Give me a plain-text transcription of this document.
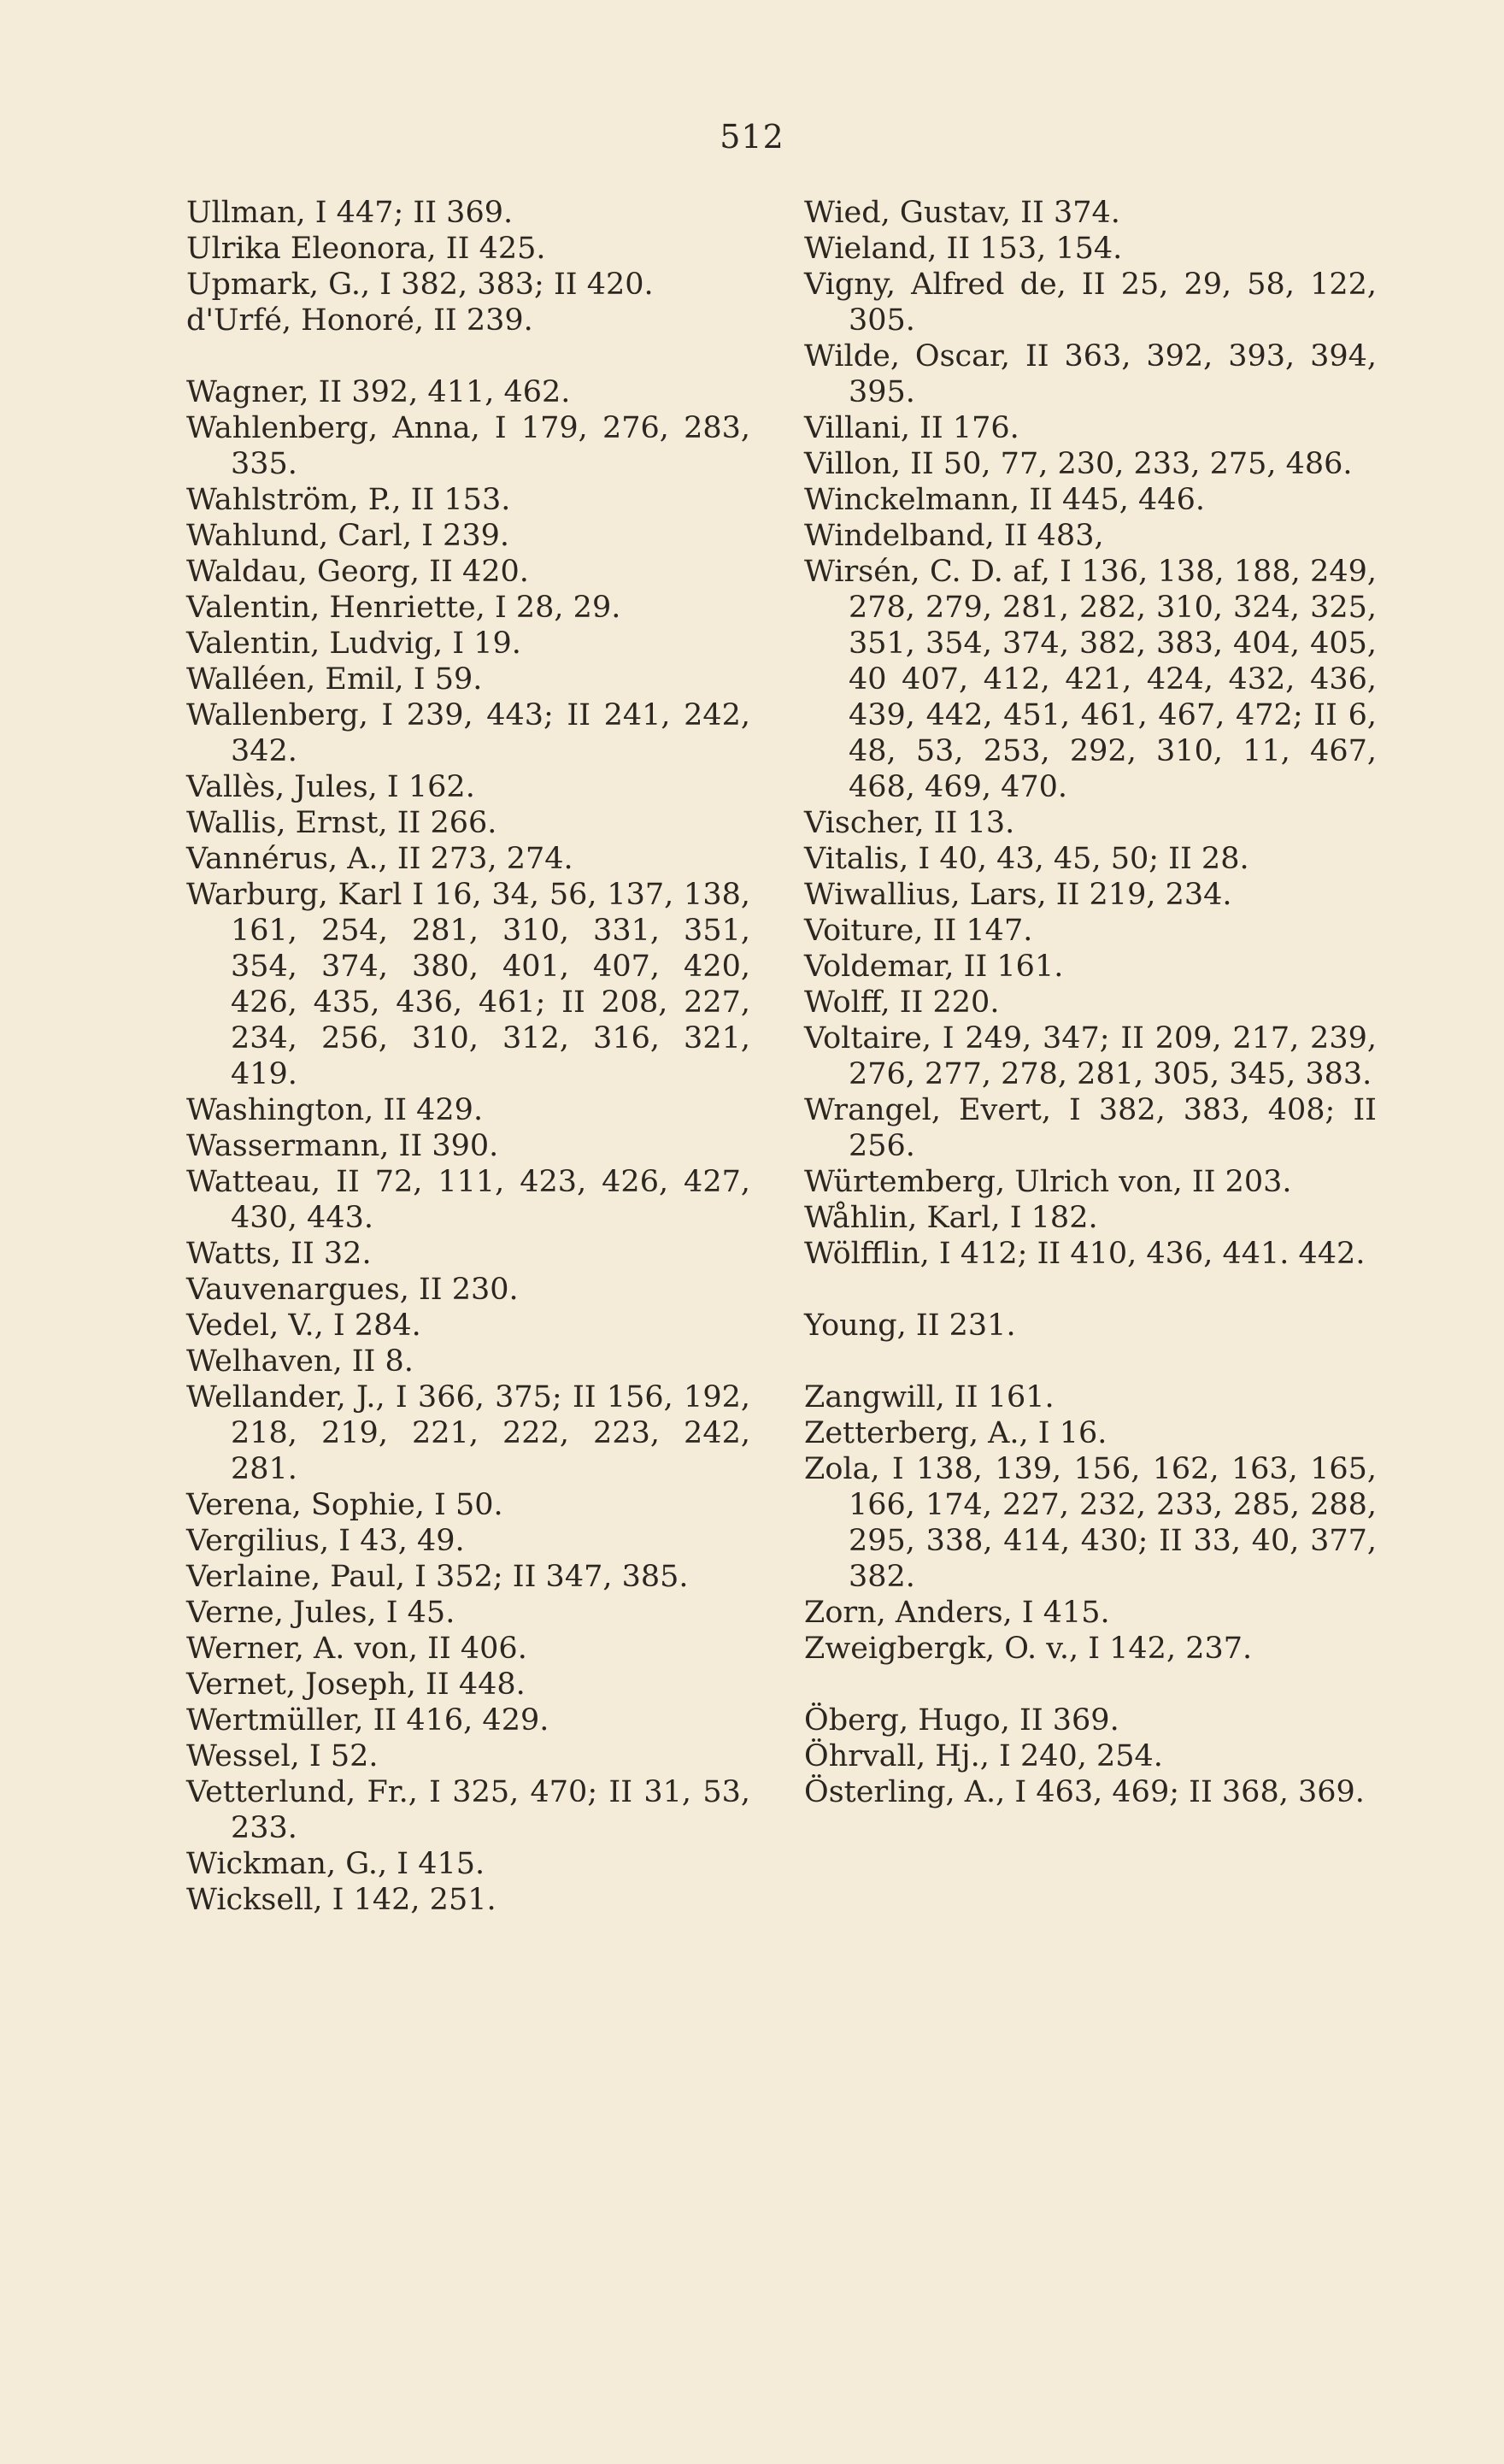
512
Ullman, I 447; II 369.
Ulrika Eleonora, II 425.
Upmark, G., I 382, 383; II 420.
d'Urfé, Honoré, II 239.
Wagner, II 392, 411, 462.
Wahlenberg, Anna, I 179, 276, 283, 335.
Wahlström, P., II 153.
Wahlund, Carl, I 239.
Waldau, Georg, II 420.
Valentin, Henriette, I 28, 29.
Valentin, Ludvig, I 19.
Walléen, Emil, I 59.
Wallenberg, I 239, 443; II 241, 242, 342.
Vallès, Jules, I 162.
Wallis, Ernst, II 266.
Vannérus, A., II 273, 274.
Warburg, Karl I 16, 34, 56, 137, 138, 161, 254, 281, 310, 331, 351, 354, 374, 380, 401, 407, 420, 426, 435, 436, 461; II 208, 227, 234, 256, 310, 312, 316, 321, 419.
Washington, II 429.
Wassermann, II 390.
Watteau, II 72, 111, 423, 426, 427, 430, 443.
Watts, II 32.
Vauvenargues, II 230.
Vedel, V., I 284.
Welhaven, II 8.
Wellander, J., I 366, 375; II 156, 192, 218, 219, 221, 222, 223, 242, 281.
Verena, Sophie, I 50.
Vergilius, I 43, 49.
Verlaine, Paul, I 352; II 347, 385.
Verne, Jules, I 45.
Werner, A. von, II 406.
Vernet, Joseph, II 448.
Wertmüller, II 416, 429.
Wessel, I 52.
Vetterlund, Fr., I 325, 470; II 31, 53, 233.
Wickman, G., I 415.
Wicksell, I 142, 251.
Wied, Gustav, II 374.
Wieland, II 153, 154.
Vigny, Alfred de, II 25, 29, 58, 122, 305.
Wilde, Oscar, II 363, 392, 393, 394, 395.
Villani, II 176.
Villon, II 50, 77, 230, 233, 275, 486.
Winckelmann, II 445, 446.
Windelband, II 483,
Wirsén, C. D. af, I 136, 138, 188, 249, 278, 279, 281, 282, 310, 324, 325, 351, 354, 374, 382, 383, 404, 405, 40 407, 412, 421, 424, 432, 436, 439, 442, 451, 461, 467, 472; II 6, 48, 53, 253, 292, 310, 11, 467, 468, 469, 470.
Vischer, II 13.
Vitalis, I 40, 43, 45, 50; II 28.
Wiwallius, Lars, II 219, 234.
Voiture, II 147.
Voldemar, II 161.
Wolff, II 220.
Voltaire, I 249, 347; II 209, 217, 239, 276, 277, 278, 281, 305, 345, 383.
Wrangel, Evert, I 382, 383, 408; II 256.
Würtemberg, Ulrich von, II 203.
Wåhlin, Karl, I 182.
Wölfflin, I 412; II 410, 436, 441. 442.
Young, II 231.
Zangwill, II 161.
Zetterberg, A., I 16.
Zola, I 138, 139, 156, 162, 163, 165, 166, 174, 227, 232, 233, 285, 288, 295, 338, 414, 430; II 33, 40, 377, 382.
Zorn, Anders, I 415.
Zweigbergk, O. v., I 142, 237.
Öberg, Hugo, II 369.
Öhrvall, Hj., I 240, 254.
Österling, A., I 463, 469; II 368, 369.
